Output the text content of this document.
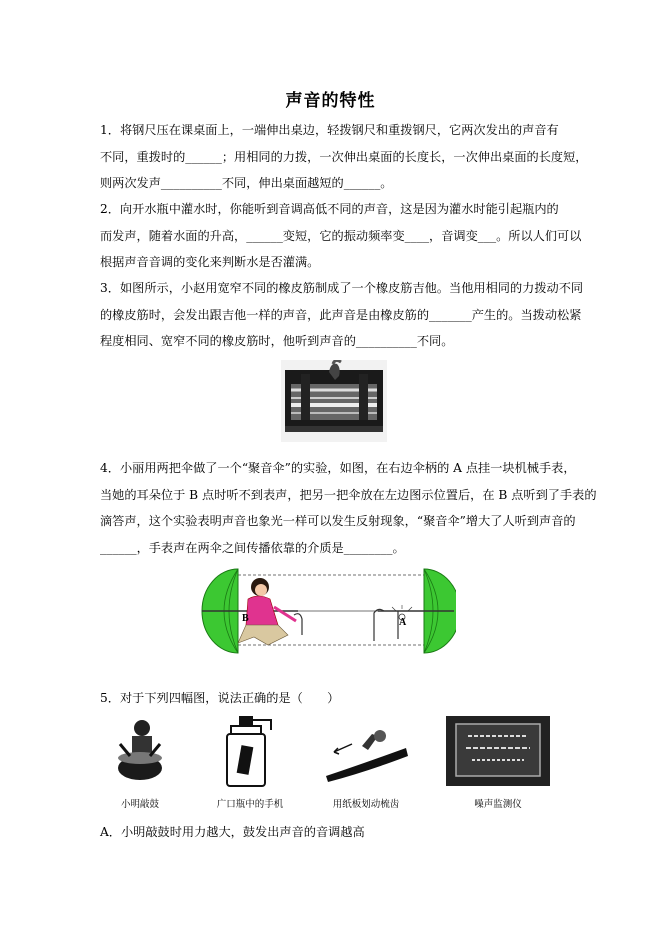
声音的特性
1．将钢尺压在课桌面上，一端伸出桌边，轻拨钢尺和重拨钢尺，它两次发出的声音有
不同，重拨时的______；用相同的力拨，一次伸出桌面的长度长，一次伸出桌面的长度短，
则两次发声__________不同，伸出桌面越短的______。
2．向开水瓶中灌水时，你能听到音调高低不同的声音，这是因为灌水时能引起瓶内的
而发声，随着水面的升高，______变短，它的振动频率变____，音调变___。所以人们可以
根据声音音调的变化来判断水是否灌满。
3．如图所示，小赵用宽窄不同的橡皮筋制成了一个橡皮筋吉他。当他用相同的力拨动不同
的橡皮筋时，会发出跟吉他一样的声音，此声音是由橡皮筋的_______产生的。当拨动松紧
程度相同、宽窄不同的橡皮筋时，他听到声音的__________不同。
4．小丽用两把伞做了一个“聚音伞”的实验，如图，在右边伞柄的 A 点挂一块机械手表，
当她的耳朵位于 B 点时听不到表声，把另一把伞放在左边图示位置后，在 B 点听到了手表的
滴答声，这个实验表明声音也象光一样可以发生反射现象，“聚音伞”增大了人听到声音的
______，手表声在两伞之间传播依靠的介质是________。
B	A
5．对于下列四幅图，说法正确的是（　　）
小明敲鼓	广口瓶中的手机	用纸板划动梳齿	噪声监测仪
A．小明敲鼓时用力越大，鼓发出声音的音调越高
